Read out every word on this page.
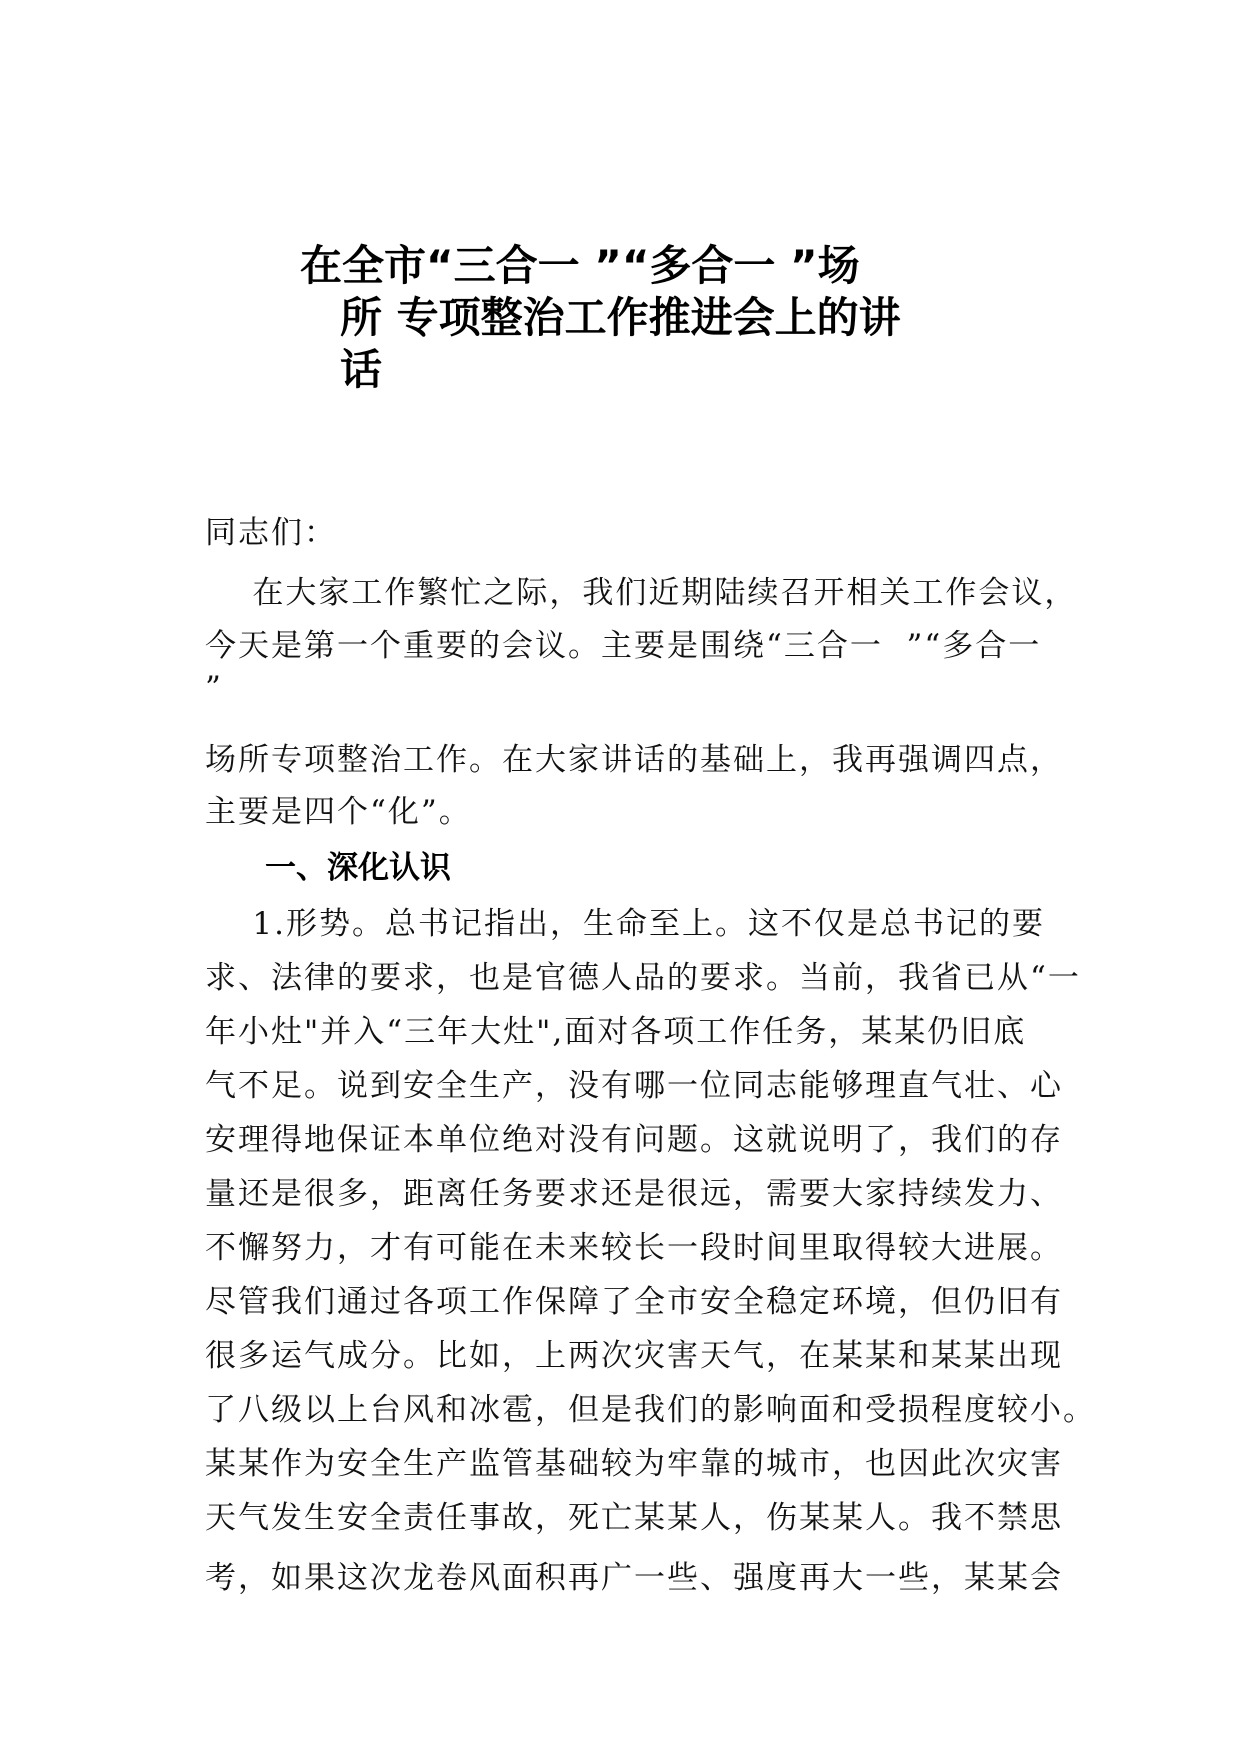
在全市“三合一 ”“多合一 ”场
所 专项整治工作推进会上的讲
话
同志们：
在大家工作繁忙之际，我们近期陆续召开相关工作会议，
今天是第一个重要的会议。主要是围绕“三合一  ”“多合一
”
场所专项整治工作。在大家讲话的基础上，我再强调四点，
主要是四个“化”。
一、深化认识
1.形势。总书记指出，生命至上。这不仅是总书记的要
求、法律的要求，也是官德人品的要求。当前，我省已从“一
年小灶"并入“三年大灶",面对各项工作任务，某某仍旧底
气不足。说到安全生产，没有哪一位同志能够理直气壮、心
安理得地保证本单位绝对没有问题。这就说明了，我们的存
量还是很多，距离任务要求还是很远，需要大家持续发力、
不懈努力，才有可能在未来较长一段时间里取得较大进展。
尽管我们通过各项工作保障了全市安全稳定环境，但仍旧有
很多运气成分。比如，上两次灾害天气，在某某和某某出现
了八级以上台风和冰雹，但是我们的影响面和受损程度较小。
某某作为安全生产监管基础较为牢靠的城市，也因此次灾害
天气发生安全责任事故，死亡某某人，伤某某人。我不禁思
考，如果这次龙卷风面积再广一些、强度再大一些，某某会
